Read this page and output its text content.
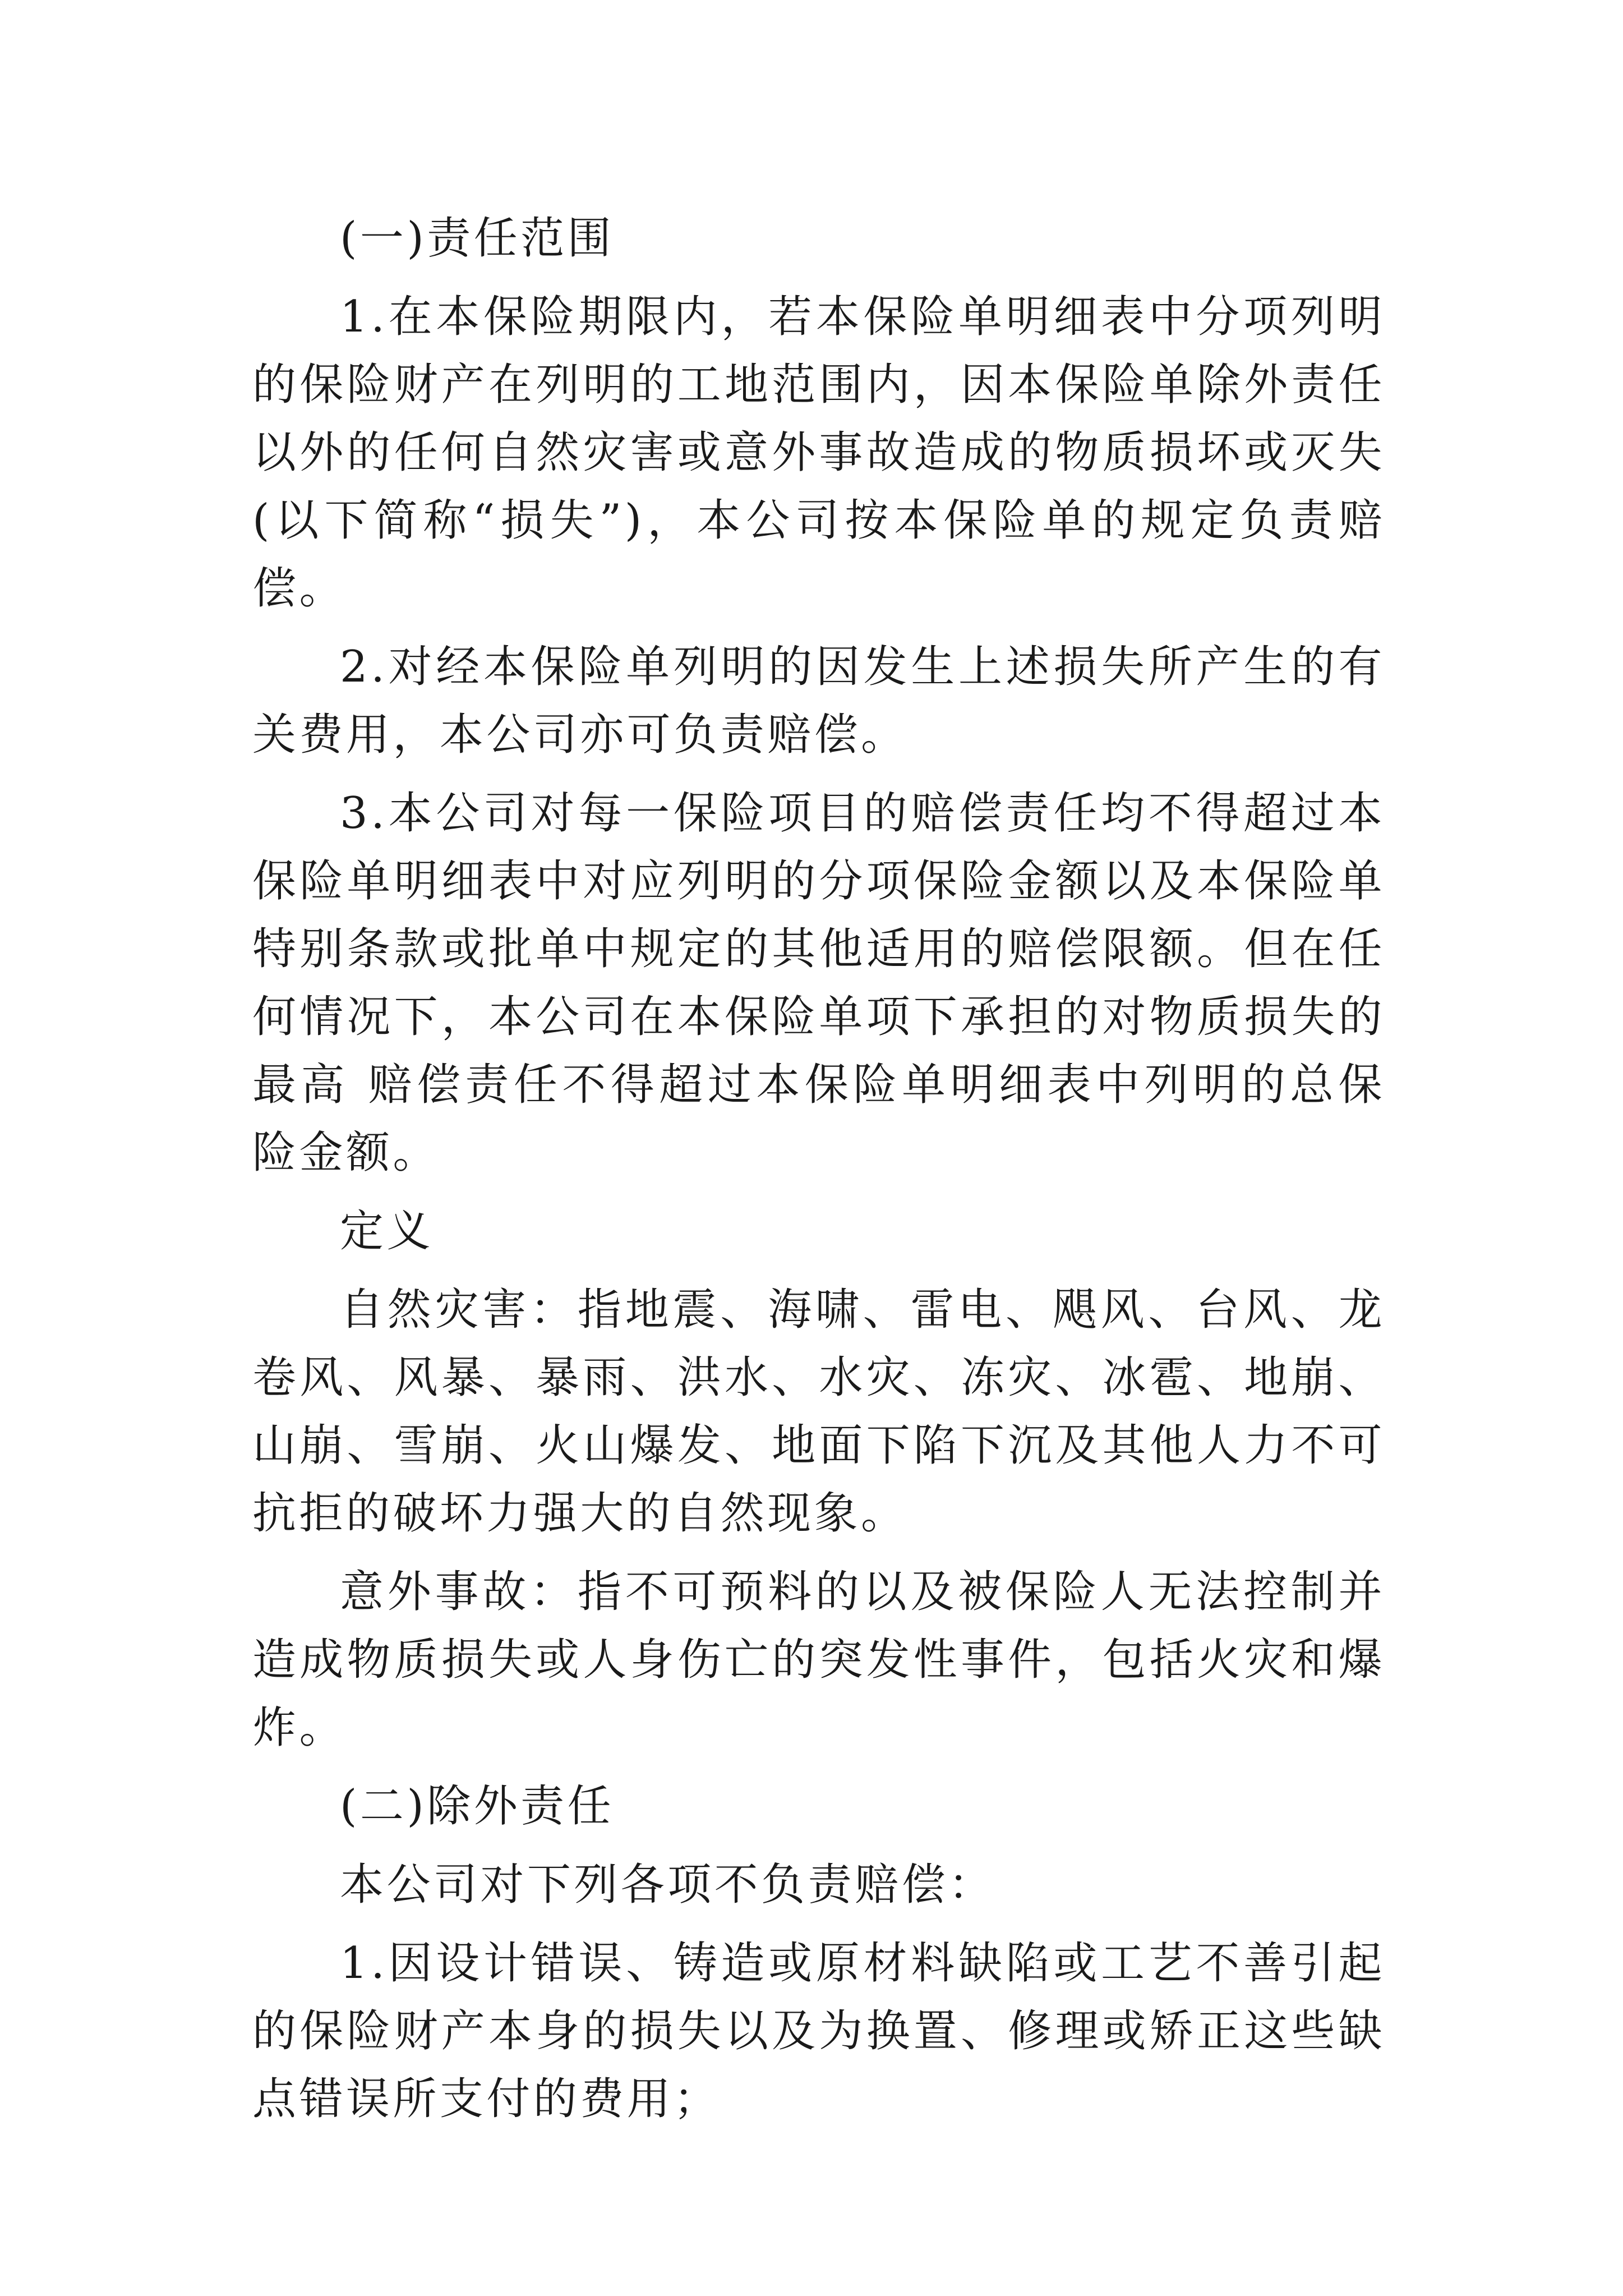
(一)责任范围

1.在本保险期限内，若本保险单明细表中分项列明的保险财产在列明的工地范围内，因本保险单除外责任以外的任何自然灾害或意外事故造成的物质损坏或灭失(以下简称“损失”)，本公司按本保险单的规定负责赔偿。

2.对经本保险单列明的因发生上述损失所产生的有关费用，本公司亦可负责赔偿。

3.本公司对每一保险项目的赔偿责任均不得超过本保险单明细表中对应列明的分项保险金额以及本保险单特别条款或批单中规定的其他适用的赔偿限额。但在任何情况下，本公司在本保险单项下承担的对物质损失的最高 赔偿责任不得超过本保险单明细表中列明的总保险金额。

定义

自然灾害：指地震、海啸、雷电、飓风、台风、龙卷风、风暴、暴雨、洪水、水灾、冻灾、冰雹、地崩、山崩、雪崩、火山爆发、地面下陷下沉及其他人力不可抗拒的破坏力强大的自然现象。

意外事故：指不可预料的以及被保险人无法控制并造成物质损失或人身伤亡的突发性事件，包括火灾和爆炸。

(二)除外责任

本公司对下列各项不负责赔偿：

1.因设计错误、铸造或原材料缺陷或工艺不善引起的保险财产本身的损失以及为换置、修理或矫正这些缺点错误所支付的费用；
